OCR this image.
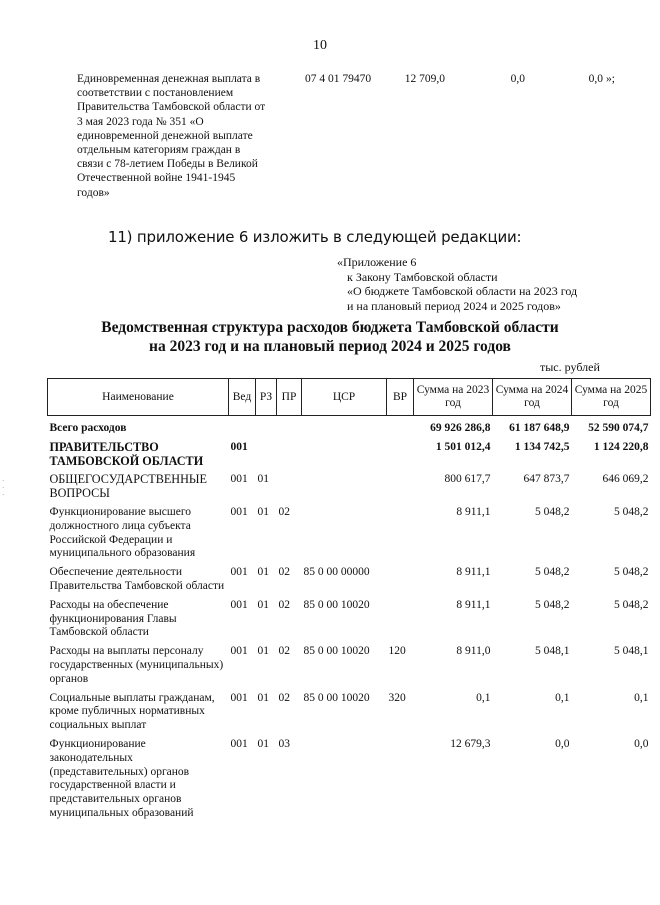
10
Единовременная денежная выплата в соответствии с постановлением Правительства Тамбовской области от 3 мая 2023 года № 351 «О единовременной денежной выплате отдельным категориям граждан в связи с 78-летием Победы в Великой Отечественной войне 1941-1945 годов»
07 4 01 79470	12 709,0	0,0	0,0 »;
11) приложение 6 изложить в следующей редакции:
«Приложение 6
к Закону Тамбовской области
«О бюджете Тамбовской области на 2023 год
и на плановый период 2024 и 2025 годов»
Ведомственная структура расходов бюджета Тамбовской области
на 2023 год и на плановый период 2024 и 2025 годов
тыс. рублей
·
·
·
Наименование	Вед	РЗ	ПР	ЦСР	ВР	Сумма на 2023 год	Сумма на 2024 год	Сумма на 2025 год
Всего расходов						69 926 286,8	61 187 648,9	52 590 074,7
ПРАВИТЕЛЬСТВО ТАМБОВСКОЙ ОБЛАСТИ	001					1 501 012,4	1 134 742,5	1 124 220,8
ОБЩЕГОСУДАРСТВЕННЫЕ ВОПРОСЫ	001	01				800 617,7	647 873,7	646 069,2
Функционирование высшего должностного лица субъекта Российской Федерации и муниципального образования	001	01	02			8 911,1	5 048,2	5 048,2
Обеспечение деятельности Правительства Тамбовской области	001	01	02	85 0 00 00000		8 911,1	5 048,2	5 048,2
Расходы на обеспечение функционирования Главы Тамбовской области	001	01	02	85 0 00 10020		8 911,1	5 048,2	5 048,2
Расходы на выплаты персоналу государственных (муниципальных) органов	001	01	02	85 0 00 10020	120	8 911,0	5 048,1	5 048,1
Социальные выплаты гражданам, кроме публичных нормативных социальных выплат	001	01	02	85 0 00 10020	320	0,1	0,1	0,1
Функционирование законодательных (представительных) органов государственной власти и представительных органов муниципальных образований	001	01	03			12 679,3	0,0	0,0
